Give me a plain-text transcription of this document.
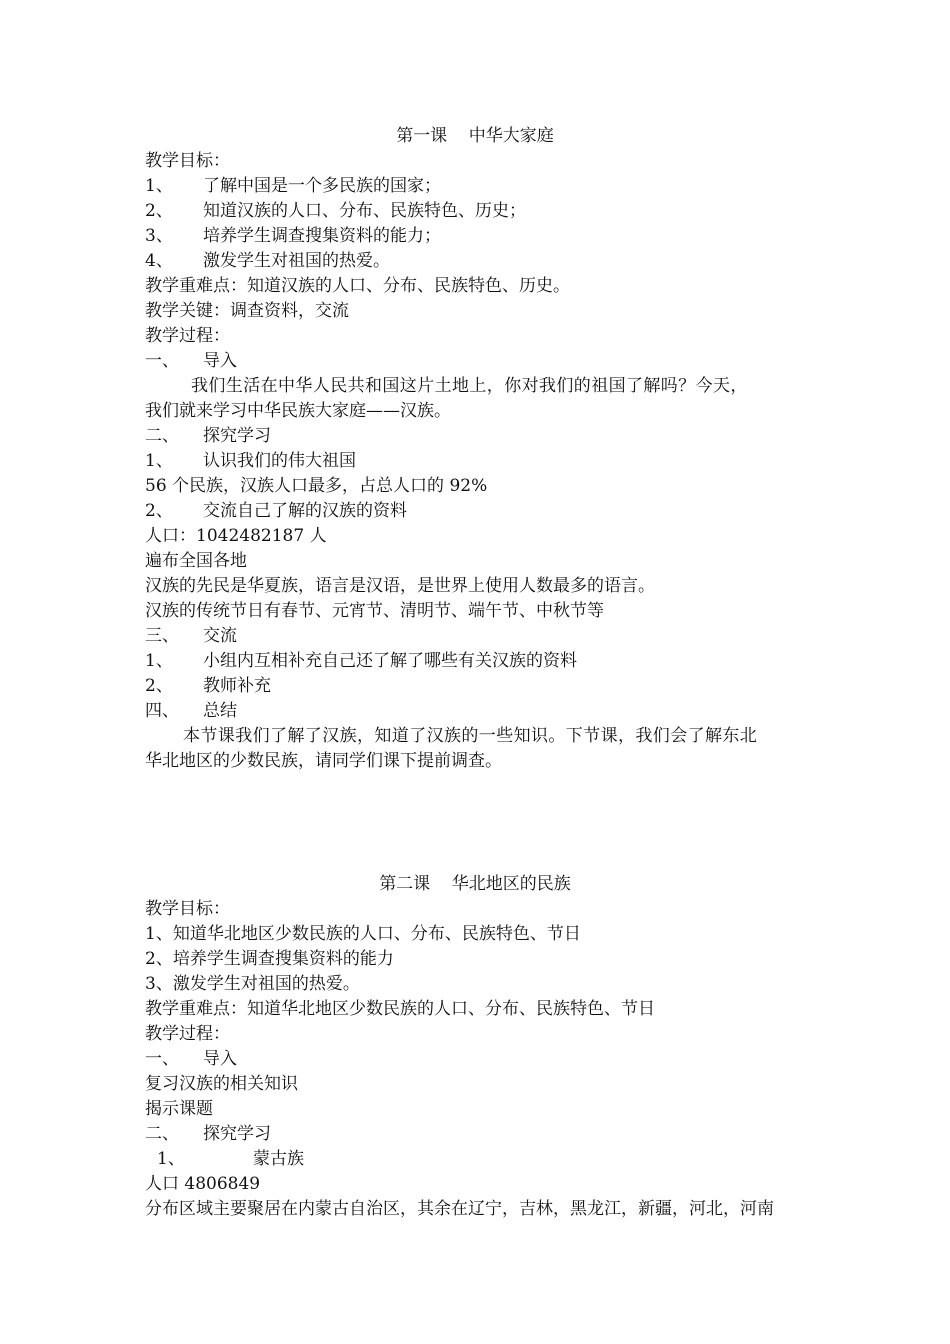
第一课    中华大家庭
教学目标：
1、 了解中国是一个多民族的国家；
2、 知道汉族的人口、分布、民族特色、历史；
3、 培养学生调查搜集资料的能力；
4、 激发学生对祖国的热爱。
教学重难点：知道汉族的人口、分布、民族特色、历史。
教学关键：调查资料，交流
教学过程：
一、 导入
我们生活在中华人民共和国这片土地上，你对我们的祖国了解吗？今天，
我们就来学习中华民族大家庭——汉族。
二、 探究学习
1、 认识我们的伟大祖国
56 个民族，汉族人口最多，占总人口的 92%
2、 交流自己了解的汉族的资料
人口：1042482187 人
遍布全国各地
汉族的先民是华夏族，语言是汉语，是世界上使用人数最多的语言。
汉族的传统节日有春节、元宵节、清明节、端午节、中秋节等
三、 交流
1、 小组内互相补充自己还了解了哪些有关汉族的资料
2、 教师补充
四、 总结
本节课我们了解了汉族，知道了汉族的一些知识。下节课，我们会了解东北
华北地区的少数民族，请同学们课下提前调查。
第二课    华北地区的民族
教学目标：
1、知道华北地区少数民族的人口、分布、民族特色、节日
2、培养学生调查搜集资料的能力
3、激发学生对祖国的热爱。
教学重难点：知道华北地区少数民族的人口、分布、民族特色、节日
教学过程：
一、 导入
复习汉族的相关知识
揭示课题
二、 探究学习
1、	蒙古族
人口 4806849
分布区域主要聚居在内蒙古自治区，其余在辽宁，吉林，黑龙江，新疆，河北，河南
